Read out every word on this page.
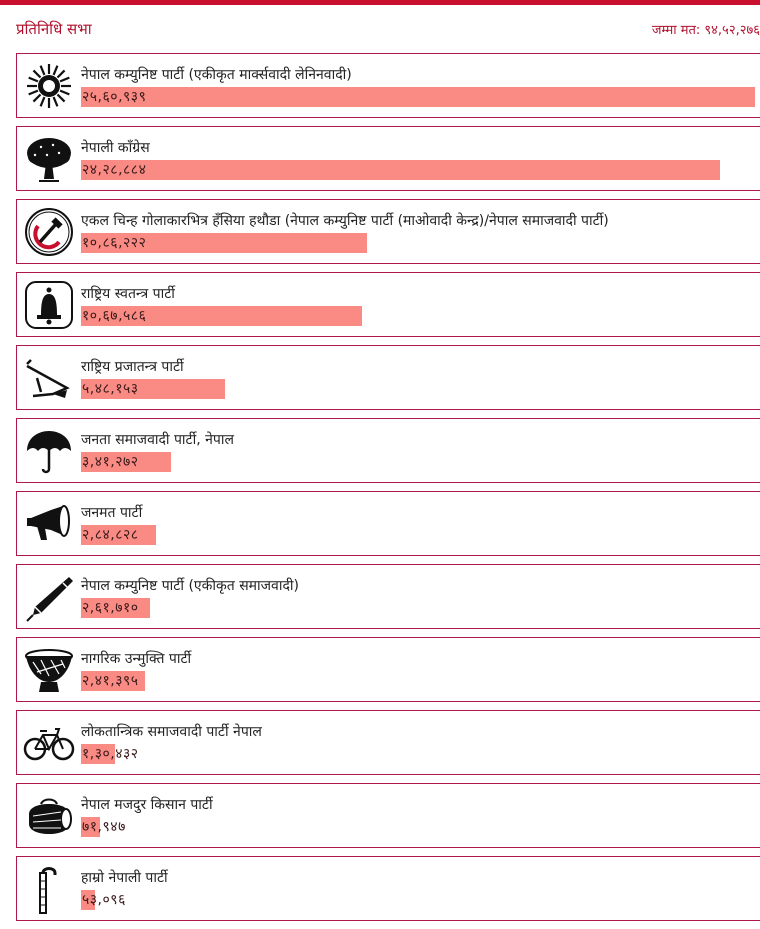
प्रतिनिधि सभा	जम्मा मत: ९४,५२,२७६
नेपाल कम्युनिष्ट पार्टी (एकीकृत मार्क्सवादी लेनिनवादी)
२५,६०,९३९
नेपाली काँग्रेस
२४,२८,८८४
एकल चिन्ह गोलाकारभित्र हँसिया हथौडा (नेपाल कम्युनिष्ट पार्टी (माओवादी केन्द्र)/नेपाल समाजवादी पार्टी)
१०,८६,२२२
राष्ट्रिय स्वतन्त्र पार्टी
१०,६७,५८६
राष्ट्रिय प्रजातन्त्र पार्टी
५,४८,१५३
जनता समाजवादी पार्टी, नेपाल
३,४१,२७२
जनमत पार्टी
२,८४,८२८
नेपाल कम्युनिष्ट पार्टी (एकीकृत समाजवादी)
२,६१,७१०
नागरिक उन्मुक्ति पार्टी
२,४१,३९५
लोकतान्त्रिक समाजवादी पार्टी नेपाल
१,३०,४३२
नेपाल मजदुर किसान पार्टी
७१,९४७
हाम्रो नेपाली पार्टी
५३,०९६
